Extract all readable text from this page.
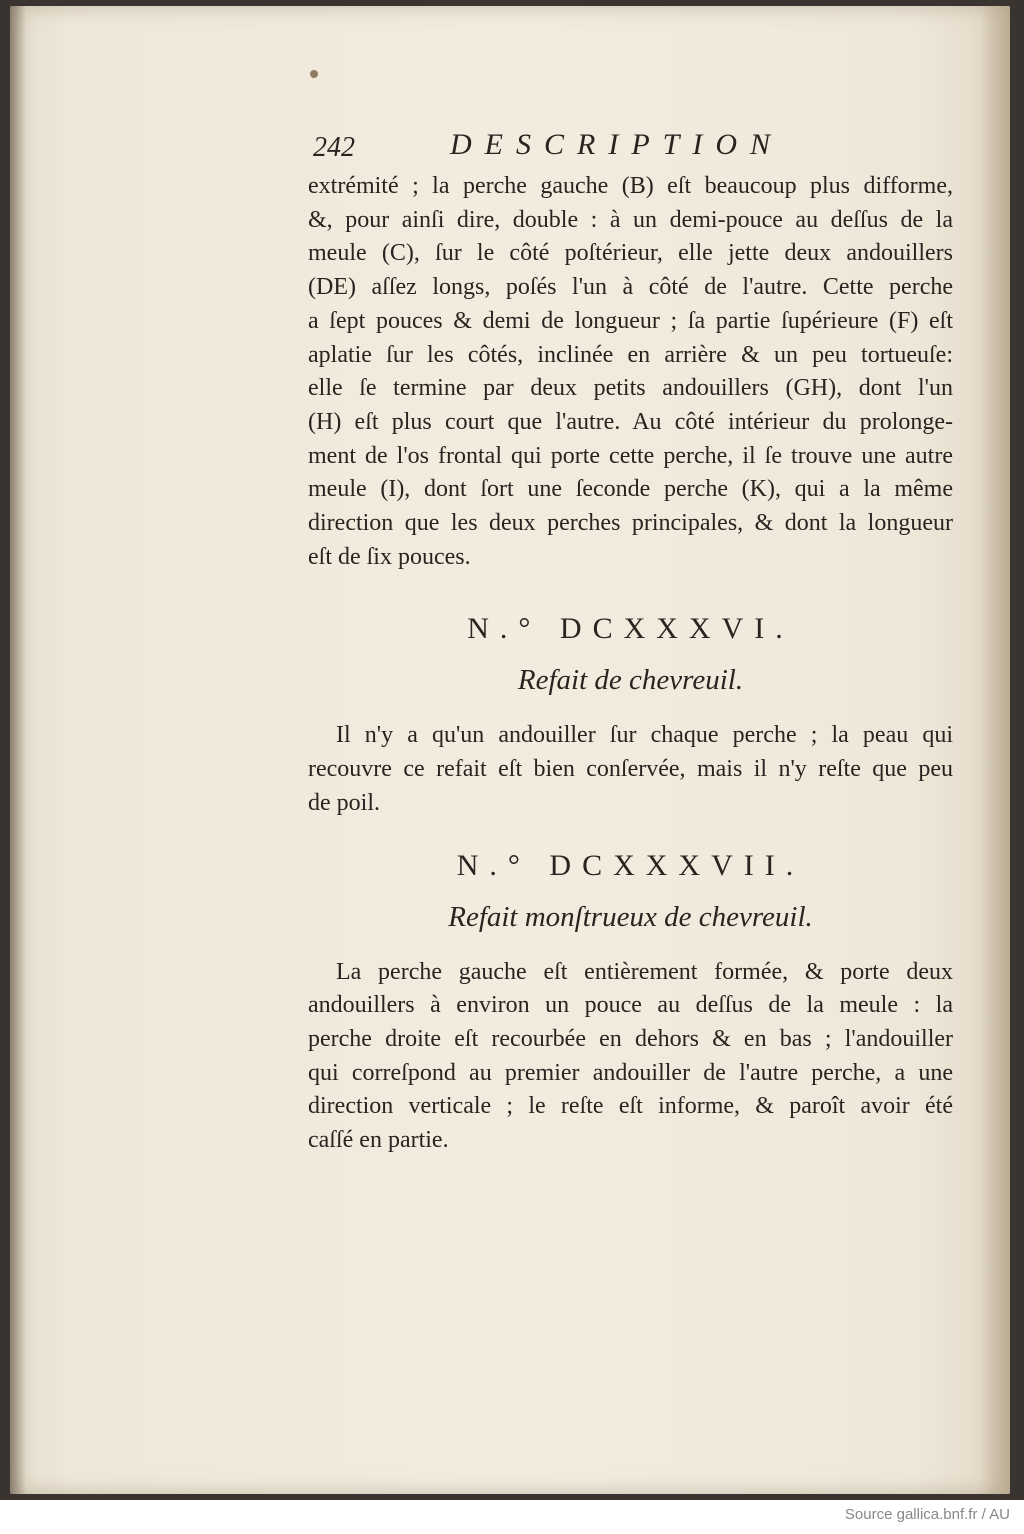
242	DESCRIPTION
extrémité ; la perche gauche (B) eſt beaucoup plus difforme,
&, pour ainſi dire, double : à un demi-pouce au deſſus de la
meule (C), ſur le côté poſtérieur, elle jette deux andouillers
(DE) aſſez longs, poſés l'un à côté de l'autre. Cette perche
a ſept pouces & demi de longueur ; ſa partie ſupérieure (F) eſt
aplatie ſur les côtés, inclinée en arrière & un peu tortueuſe:
elle ſe termine par deux petits andouillers (GH), dont l'un
(H) eſt plus court que l'autre. Au côté intérieur du prolonge-
ment de l'os frontal qui porte cette perche, il ſe trouve une autre
meule (I), dont ſort une ſeconde perche (K), qui a la même
direction que les deux perches principales, & dont la longueur
eſt de ſix pouces.

N.° DCXXXVI.

Refait de chevreuil.

Il n'y a qu'un andouiller ſur chaque perche ; la peau qui
recouvre ce refait eſt bien conſervée, mais il n'y reſte que peu
de poil.

N.° DCXXXVII.

Refait monſtrueux de chevreuil.

La perche gauche eſt entièrement formée, & porte deux
andouillers à environ un pouce au deſſus de la meule : la
perche droite eſt recourbée en dehors & en bas ; l'andouiller
qui correſpond au premier andouiller de l'autre perche, a une
direction verticale ; le reſte eſt informe, & paroît avoir été
caſſé en partie.
Source gallica.bnf.fr / AU
